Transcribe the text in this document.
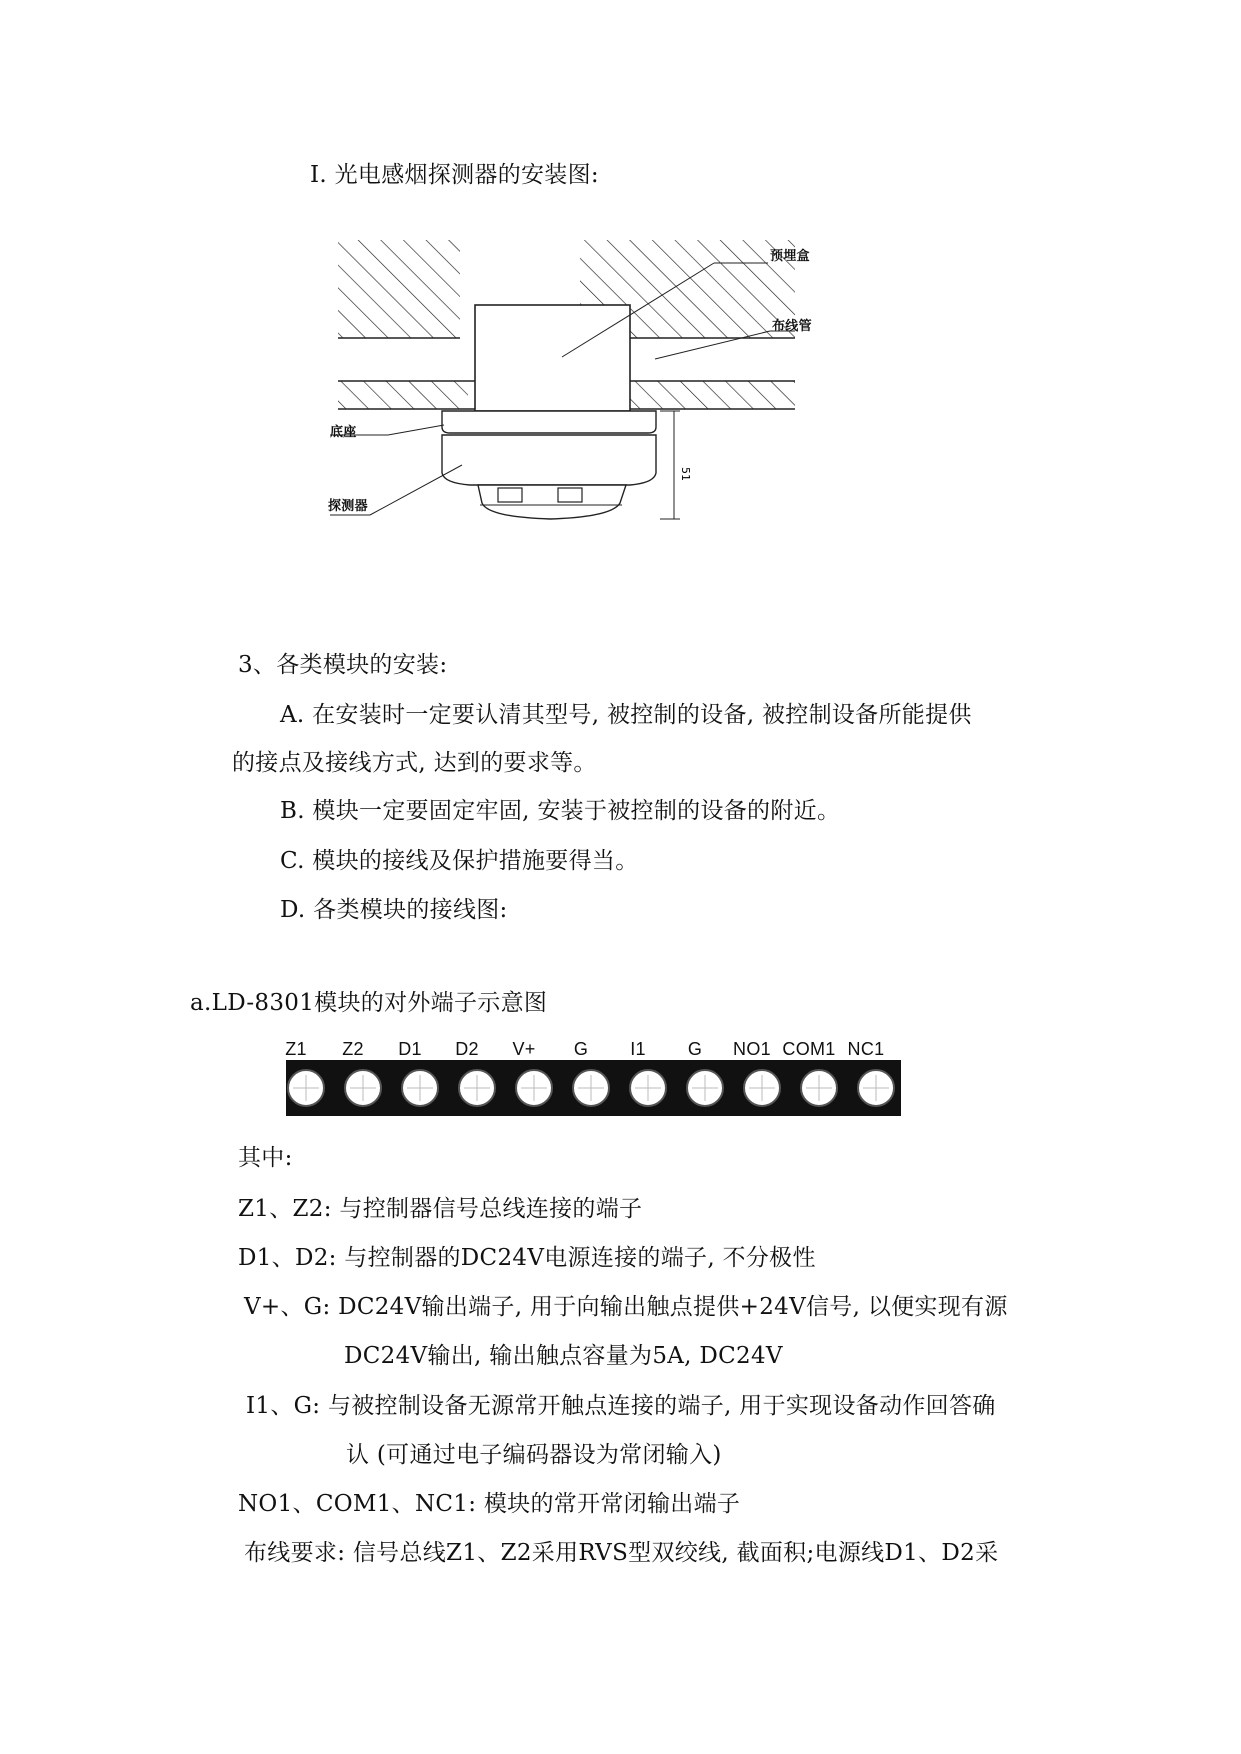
I. 光电感烟探测器的安装图:
51
预埋盒
布线管
底座
探测器
3、各类模块的安装:
A. 在安装时一定要认清其型号, 被控制的设备, 被控制设备所能提供
的接点及接线方式, 达到的要求等。
B. 模块一定要固定牢固, 安装于被控制的设备的附近。
C. 模块的接线及保护措施要得当。
D. 各类模块的接线图:
a.LD-8301模块的对外端子示意图
Z1 Z2 D1 D2 V+ G I1 G NO1 COM1 NC1
其中:
Z1、Z2: 与控制器信号总线连接的端子
D1、D2: 与控制器的DC24V电源连接的端子, 不分极性
V+、G: DC24V输出端子, 用于向输出触点提供+24V信号, 以便实现有源
DC24V输出, 输出触点容量为5A, DC24V
I1、G: 与被控制设备无源常开触点连接的端子, 用于实现设备动作回答确
认 (可通过电子编码器设为常闭输入)
NO1、COM1、NC1: 模块的常开常闭输出端子
布线要求: 信号总线Z1、Z2采用RVS型双绞线, 截面积;电源线D1、D2采
